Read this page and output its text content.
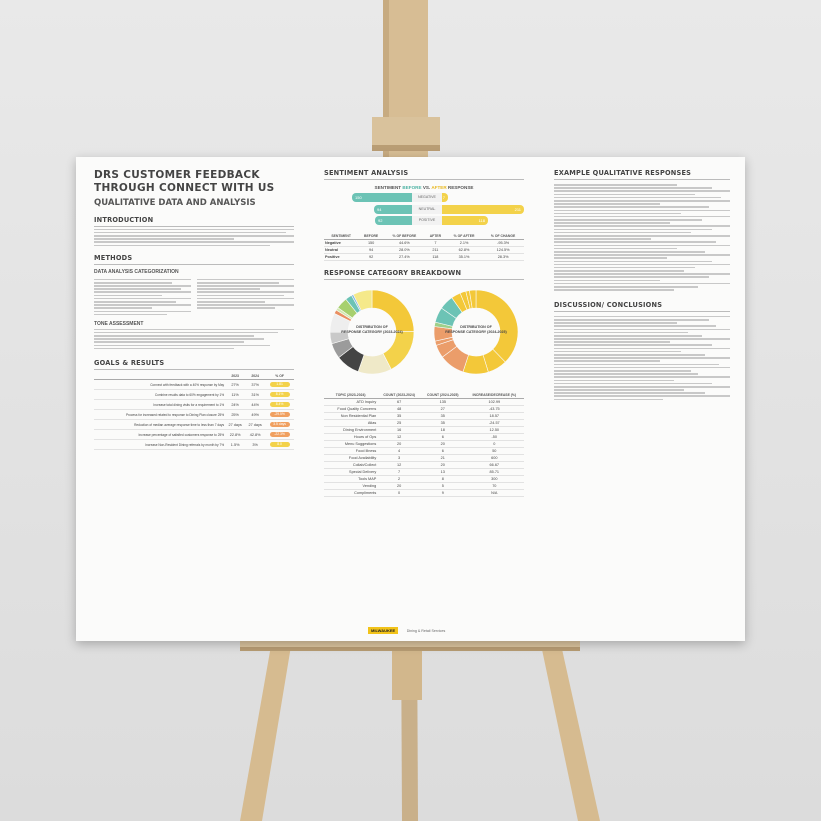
DRS CUSTOMER FEEDBACK
THROUGH CONNECT WITH US
QUALITATIVE DATA AND ANALYSIS
INTRODUCTION
METHODS
DATA ANALYSIS CATEGORIZATION
TONE ASSESSMENT
GOALS & RESULTS
	2023	2024	% OF
Connect with feedback with a 40% response by May	27%	37%	1.81
Combine results data to 60% engagement by 1%	11%	31%	8.1%
Increase total dining visits for a requirement to 1%	24%	44%	8.4%
Process for increased related to response to Dining Plan closure 25%	25%	49%	-29.5%
Reduction of median average response time to less than 7 days	27 days	27 days	3.5 days
Increase percentage of satisfied customers response to 25%	22.8%	42.8%	-22.3%
Increase Non-Resident Dining referrals by month by 7%	1.5%	3%	8.0
SENTIMENT ANALYSIS
SENTIMENT BEFORE VS. AFTER RESPONSE
150	NEGATIVE	7
94	NEUTRAL	211
92	POSITIVE	118
SENTIMENT	BEFORE	% OF BEFORE	AFTER	% OF AFTER	% OF CHANGE
Negative	150	44.6%	7	2.1%	-95.3%
Neutral	94	28.0%	211	62.8%	124.5%
Positive	92	27.4%	118	35.1%	28.3%
RESPONSE CATEGORY BREAKDOWN
DISTRIBUTION OF
RESPONSE CATEGORY (2023-2024)
DISTRIBUTION OF
RESPONSE CATEGORY (2024-2025)
TOPIC (2023-2024)	COUNT (2023-2024)	COUNT (2024-2025)	INCREASE/DECREASE (%)
ATD Inquiry	67	135	102.99
Food Quality Concerns	48	27	-43.75
Non Residential Plan	35	35	18.57
Atlas	25	35	-24.57
Dining Environment	16	18	12.50
Hours of Ops	12	6	-50
Menu Suggestions	20	20	0
Food Illness	4	6	50
Food Availability	3	21	600
Collab/Collect	12	20	66.67
Special Delivery	7	13	85.71
Tools MAP	2	8	300
Vending	20	5	70
Compliments	0	9	N/A
EXAMPLE QUALITATIVE RESPONSES
DISCUSSION/ CONCLUSIONS
MILWAUKEE	Dining & Retail Services
